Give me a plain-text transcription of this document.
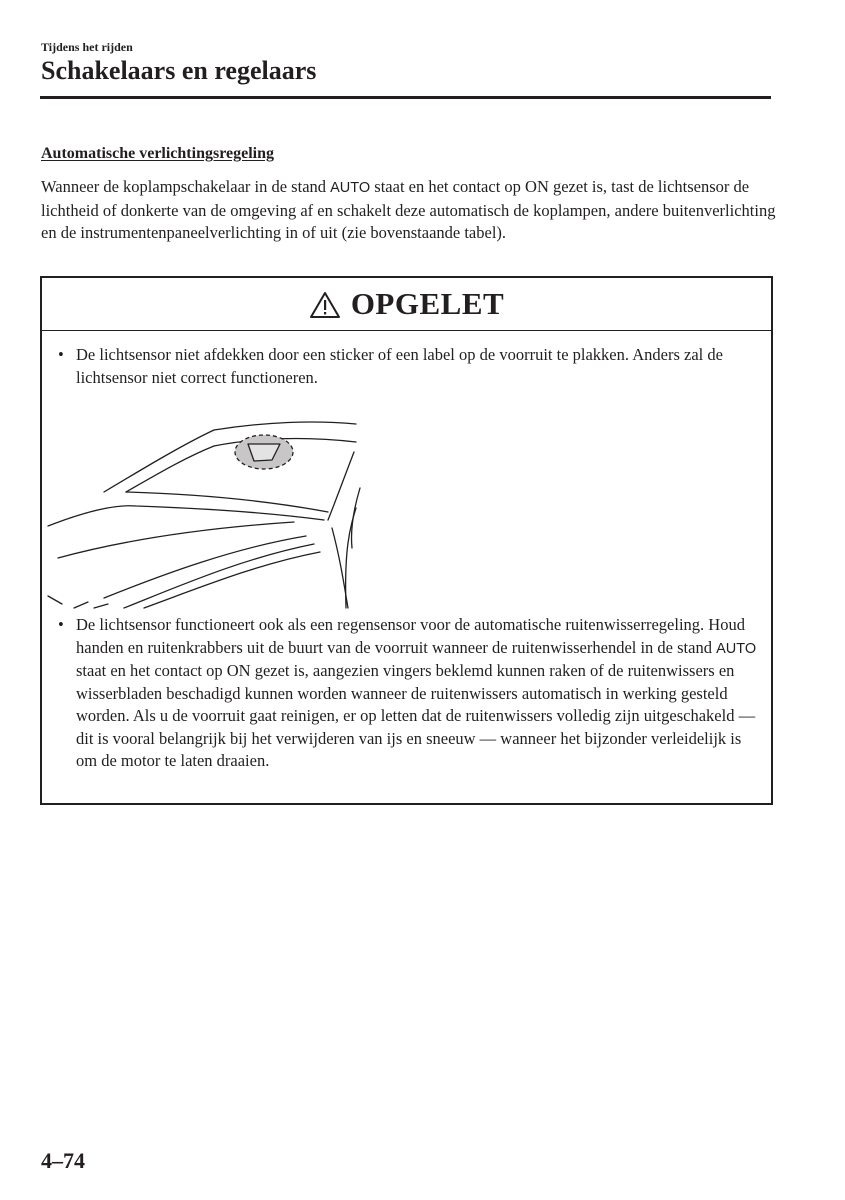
Tijdens het rijden
Schakelaars en regelaars
Automatische verlichtingsregeling

Wanneer de koplampschakelaar in de stand AUTO staat en het contact op ON gezet is, tast de lichtsensor de lichtheid of donkerte van de omgeving af en schakelt deze automatisch de koplampen, andere buitenverlichting en de instrumentenpaneelverlichting in of uit (zie bovenstaande tabel).

OPGELET
• De lichtsensor niet afdekken door een sticker of een label op de voorruit te plakken. Anders zal de lichtsensor niet correct functioneren.
• De lichtsensor functioneert ook als een regensensor voor de automatische ruitenwisserregeling. Houd handen en ruitenkrabbers uit de buurt van de voorruit wanneer de ruitenwisserhendel in de stand AUTO staat en het contact op ON gezet is, aangezien vingers beklemd kunnen raken of de ruitenwissers en wisserbladen beschadigd kunnen worden wanneer de ruitenwissers automatisch in werking gesteld worden. Als u de voorruit gaat reinigen, er op letten dat de ruitenwissers volledig zijn uitgeschakeld — dit is vooral belangrijk bij het verwijderen van ijs en sneeuw — wanneer het bijzonder verleidelijk is om de motor te laten draaien.
4–74
